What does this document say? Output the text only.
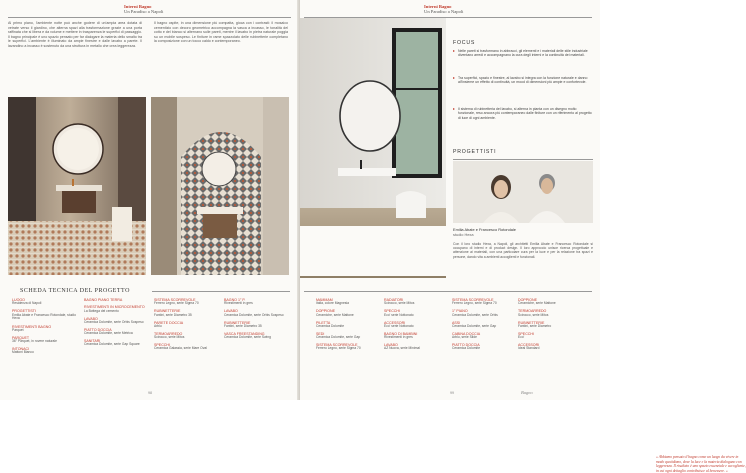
Interni Bagno
Un Paradiso a Napoli
Al primo piano, l'ambiente notte può anche godere di un'ampia area dotata di vetrate verso il giardino, che alterna spazi alla trasformazione grazie a una porta raffinata che si libera e da volume e mettere in trasparenza le superfici di passaggio. Il bagno principale è uno spazio pensato per far dialogare la materia dello smalto tra le superfici. L'ambiente è illuminato da ampie finestre e dalle lavabo a parete. Il lavandino a incasso è sostenuto da una struttura in metallo che crea leggerezza.
Il bagno ospite, in una dimensione più compatta, gioca con i contrasti: il mosaico cementizio con decoro geometrico accompagna la vasca a incasso, le tonalità del cotto e del bianco si alternano sulle pareti, mentre il lavabo in pietra naturale poggia su un mobile sospeso. Le finiture in rame spazzolato delle rubinetterie completano la composizione con un tocco caldo e contemporaneo.
SCHEDA TECNICA DEL PROGETTO
LUOGO
Residenza di Napoli
PROGETTISTI
Emilia Abate e Francesco Rotondale, studio Hexa
RIVESTIMENTI BAGNO
Parquet
PARQUET
36° Parquet, in rovere naturale
INTONACI
Mattoni Bianco
BAGNO PIANO TERRA
RIVESTIMENTI IN MICROCEMENTO
La Bottega del cemento
LAVABO
Ceramica Dolomite, serie Orbis Sospeso
PIATTO DOCCIA
Ceramica Dolomite, serie Metrica
SANITARI
Ceramica Dolomite, serie Gap Square
SISTEMA SCORREVOLE
Ferrero Legno, serie Sigma 70
RUBINETTERIE
Fantini, serie Diametro 35
PARETE DOCCIA
Arblu
TERMOARREDO
Scirocco, serie Mitos
SPECCHI
Ceramica Galassia, serie Mare Oval
BAGNO 1° P.
Rivestimenti in gres
LAVABO
Ceramica Dolomite, serie Orbis Sospeso
RUBINETTERIE
Fantini, serie Diametro 35
VASCA FREESTANDING
Ceramica Dolomite, serie Swing
98
Interni Bagno
Un Paradiso a Napoli
« Abbiamo pensato il bagno come un luogo da vivere in modo quotidiano, dove la luce e la materia dialogano con leggerezza. Il risultato è uno spazio essenziale e accogliente, in cui ogni dettaglio contribuisce al benessere. »
FOCUS
▸ Nelle pareti si trasformano in abbracci, gli elementi e i materiali delle stile industriale diventano arredi e accompagnano la cura degli interni e la continuità dei materiali.
▸ Tra superfici, spazio e finestre, al lavabo si integra con la funzione naturale e danno all'insieme un effetto di continuità, un mood di dimensioni più ampie e confortevole.
▸ Il sistema di rubinetteria del lavabo, si alterna in pianta con un disegno molto funzionale, reso ancora più contemporaneo dalle finiture con un riferimento al progetto di luce di ogni ambiente.
PROGETTISTI
Emilia Abate e Francesco Rotondale
studio Hexa
Con il loro studio Hexa, a Napoli, gli architetti Emilia Abate e Francesco Rotondale si occupano di interni e di product design. Il loro approccio unisce ricerca progettuale e attenzione ai materiali, con una particolare cura per la luce e per la relazione tra spazi e persone, dando vita a ambienti accoglienti e funzionali.
MAMMAM
Italia, colore Magnesia
DOPPIONE
Ceramiche, serie Mattone
PILETTA
Ceramica Dolomite
SEDI
Ceramica Dolomite, serie Gap
SISTEMA SCORREVOLE
Ferrero Legno, serie Sigma 70
RADIATORI
Scirocco, serie Mitos
SPECCHI
Eco' serie Nottonato
ACCESSORI
Eco' serie Nottonato
BAGNO DI BAMBINI
Rivestimenti in gres
LAVABO
AZ Nuova, serie Minimal
SISTEMA SCORREVOLE
Ferrero Legno, serie Sigma 70
1° PIANO
Ceramica Dolomite, serie Orbis
ASSI
Ceramica Dolomite, serie Gap
CABINA DOCCIA
Arblu, serie Slide
PIATTO DOCCIA
Ceramica Dolomite
DOPPIONE
Ceramiche, serie Mattone
TERMOARREDO
Scirocco, serie Mitos
RUBINETTERIE
Fantini, serie Diametro
SPECCHI
Eco'
ACCESSORI
Ideal Standard
99	Bagno
